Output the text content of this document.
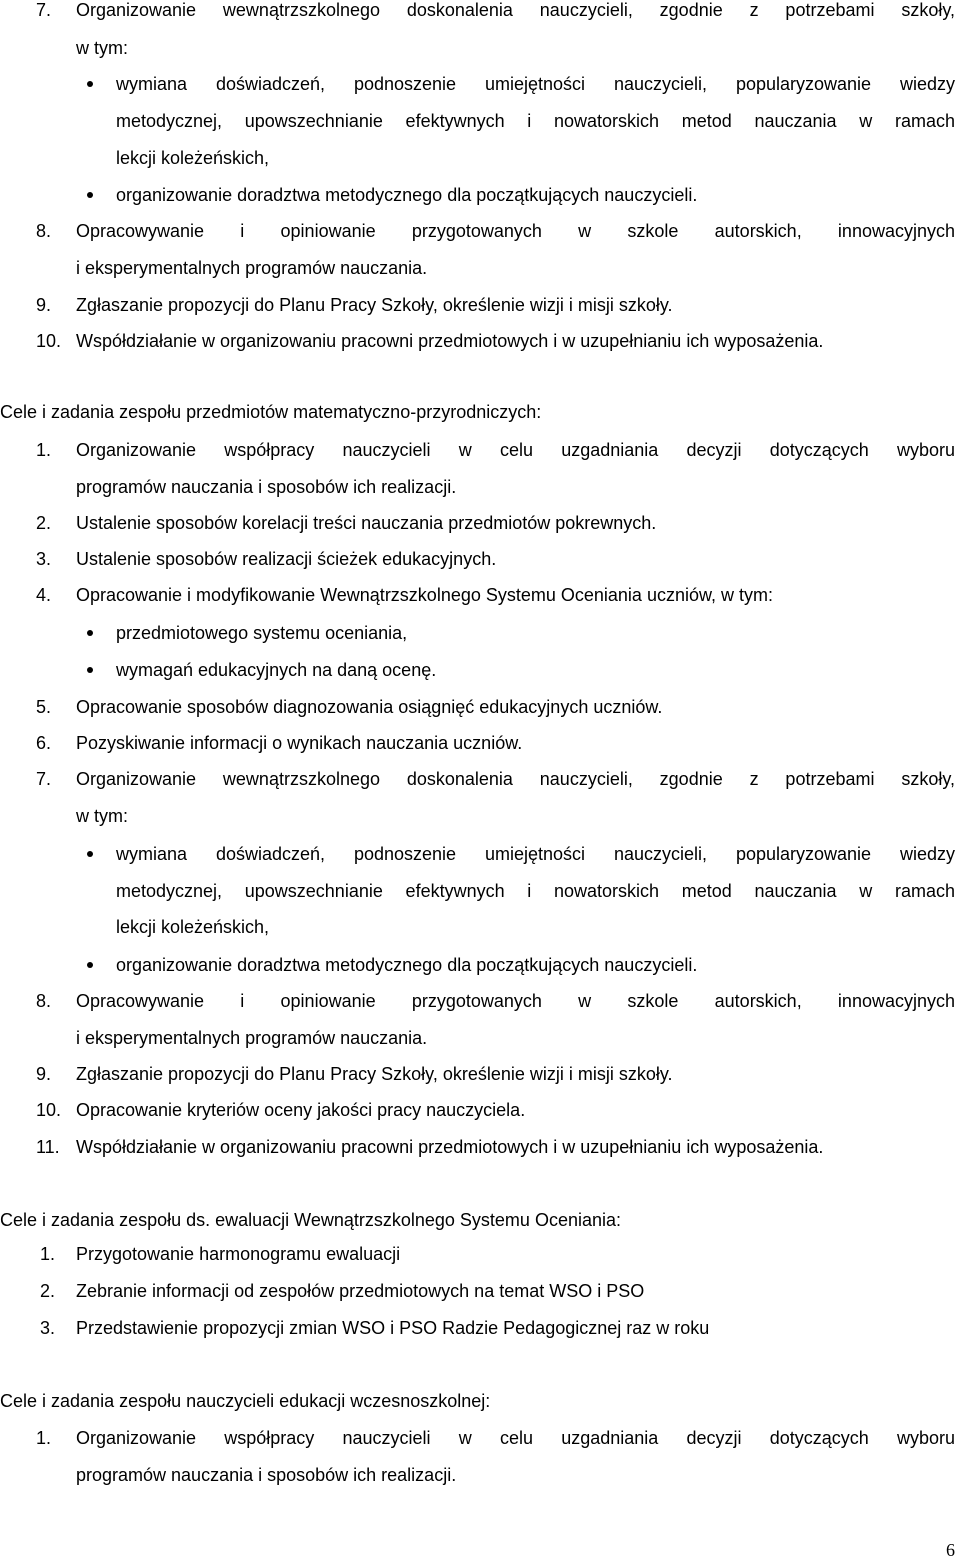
6
7. Organizowanie wewnątrzszkolnego doskonalenia nauczycieli, zgodnie z potrzebami szkoły,
w tym:
wymiana doświadczeń, podnoszenie umiejętności nauczycieli, popularyzowanie wiedzy
metodycznej, upowszechnianie efektywnych i nowatorskich metod nauczania w ramach
lekcji koleżeńskich,
organizowanie doradztwa metodycznego dla początkujących nauczycieli.
8. Opracowywanie i opiniowanie przygotowanych w szkole autorskich, innowacyjnych
i eksperymentalnych programów nauczania.
9. Zgłaszanie propozycji do Planu Pracy Szkoły, określenie wizji i misji szkoły.
10. Współdziałanie w organizowaniu pracowni przedmiotowych i w uzupełnianiu ich wyposażenia.
Cele i zadania zespołu przedmiotów matematyczno-przyrodniczych:
1. Organizowanie współpracy nauczycieli w celu uzgadniania decyzji dotyczących wyboru
programów nauczania i sposobów ich realizacji.
2. Ustalenie sposobów korelacji treści nauczania przedmiotów pokrewnych.
3. Ustalenie sposobów realizacji ścieżek edukacyjnych.
4. Opracowanie i modyfikowanie Wewnątrzszkolnego Systemu Oceniania uczniów, w tym:
przedmiotowego systemu oceniania,
wymagań edukacyjnych na daną ocenę.
5. Opracowanie sposobów diagnozowania osiągnięć edukacyjnych uczniów.
6. Pozyskiwanie informacji o wynikach nauczania uczniów.
7. Organizowanie wewnątrzszkolnego doskonalenia nauczycieli, zgodnie z potrzebami szkoły,
w tym:
wymiana doświadczeń, podnoszenie umiejętności nauczycieli, popularyzowanie wiedzy
metodycznej, upowszechnianie efektywnych i nowatorskich metod nauczania w ramach
lekcji koleżeńskich,
organizowanie doradztwa metodycznego dla początkujących nauczycieli.
8. Opracowywanie i opiniowanie przygotowanych w szkole autorskich, innowacyjnych
i eksperymentalnych programów nauczania.
9. Zgłaszanie propozycji do Planu Pracy Szkoły, określenie wizji i misji szkoły.
10. Opracowanie kryteriów oceny jakości pracy nauczyciela.
11. Współdziałanie w organizowaniu pracowni przedmiotowych i w uzupełnianiu ich wyposażenia.
Cele i zadania zespołu ds. ewaluacji Wewnątrzszkolnego Systemu Oceniania:
1. Przygotowanie harmonogramu ewaluacji
2. Zebranie informacji od zespołów przedmiotowych na temat WSO i PSO
3. Przedstawienie propozycji zmian WSO i PSO Radzie Pedagogicznej raz w roku
Cele i zadania zespołu nauczycieli edukacji wczesnoszkolnej:
1. Organizowanie współpracy nauczycieli w celu uzgadniania decyzji dotyczących wyboru
programów nauczania i sposobów ich realizacji.
